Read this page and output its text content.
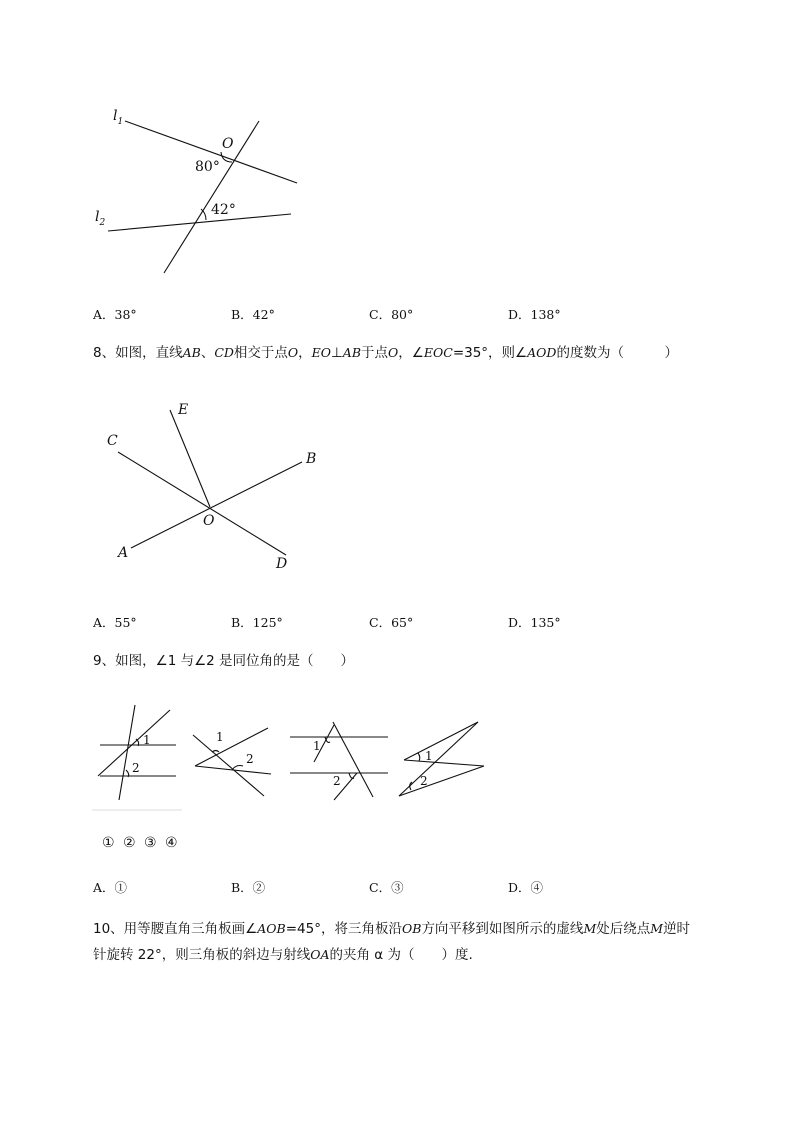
$l_1$
$l_2$
O
80°
42°
A．38°	B．42°	C．80°	D．138°
8、如图，直线AB、CD相交于点O，EO⊥AB于点O，∠EOC=35°，则∠AOD的度数为（　　　）
C
E
B
O
A
D
A．55°	B．125°	C．65°	D．135°
9、如图，∠1 与∠2 是同位角的是（　　）
1
2
1
2
1
2
1
2
① ② ③ ④
A．①	B．②	C．③	D．④
10、用等腰直角三角板画∠AOB=45°，将三角板沿OB方向平移到如图所示的虚线M处后绕点M逆时
针旋转 22°，则三角板的斜边与射线OA的夹角 α 为（　　）度.
